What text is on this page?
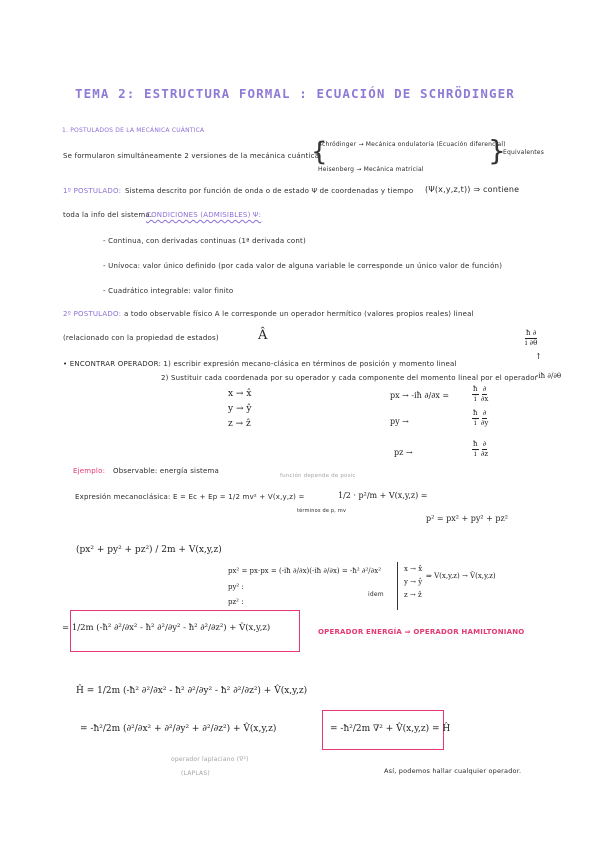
TEMA 2: ESTRUCTURA FORMAL : ECUACIÓN DE SCHRÖDINGER
1. POSTULADOS DE LA MECÁNICA CUÁNTICA
Se formularon simultáneamente 2 versiones de la mecánica cuántica
Schrödinger → Mecánica ondulatoria (Ecuación diferencial)
Heisenberg → Mecánica matricial
{	}
Equivalentes
1º POSTULADO: Sistema descrito por función de onda o de estado Ψ de coordenadas y tiempo (Ψ(x,y,z,t)) ⇒ contiene
toda la info del sistema.
CONDICIONES (ADMISIBLES) Ψ:
- Continua, con derivadas continuas (1ª derivada cont)
- Unívoca: valor único definido (por cada valor de alguna variable le corresponde un único valor de función)
- Cuadrático integrable: valor finito
2º POSTULADO: a todo observable físico A le corresponde un operador hermítico (valores propios reales) lineal
(relacionado con la propiedad de estados)	Â	$\frac{ħ \partial}{i \partial\theta}$
↑
• ENCONTRAR OPERADOR: 1) escribir expresión mecano-clásica en términos de posición y momento lineal
2) Sustituir cada coordenada por su operador y cada componente del momento lineal por el operador
-iħ ∂/∂θ
x → x̂
y → ŷ
z → ẑ
px → -iħ ∂/∂x =	$\frac{ħ}{i}$
$\frac{\partial}{\partial x}$
py →	$\frac{ħ}{i}$
$\frac{\partial}{\partial y}$
pz →	$\frac{ħ}{i}$
$\frac{\partial}{\partial z}$
Ejemplo: Observable: energía sistema
función depende de posic
Expresión mecanoclásica: E = Ec + Ep = 1/2 mv² + V(x,y,z) =	1/2 · p²/m + V(x,y,z) =
términos de p, mv
p² = px² + py² + pz²
(px² + py² + pz²) / 2m + V(x,y,z)
px² = px·px = (-iħ ∂/∂x)(-iħ ∂/∂x) = -ħ² ∂²/∂x²
py² :
pz² :
idem
x → x̂
y → ŷ
z → ẑ
⇒ V(x,y,z) → V̂(x,y,z)
= 1/2m (-ħ² ∂²/∂x² - ħ² ∂²/∂y² - ħ² ∂²/∂z²) + V̂(x,y,z)	OPERADOR ENERGÍA ⇒ OPERADOR HAMILTONIANO
Ĥ = 1/2m (-ħ² ∂²/∂x² - ħ² ∂²/∂y² - ħ² ∂²/∂z²) + V̂(x,y,z)
= -ħ²/2m (∂²/∂x² + ∂²/∂y² + ∂²/∂z²) + V̂(x,y,z)	= -ħ²/2m ∇² + V̂(x,y,z) = Ĥ
operador laplaciano (∇²)
(LAPLAS)	Así, podemos hallar cualquier operador.
